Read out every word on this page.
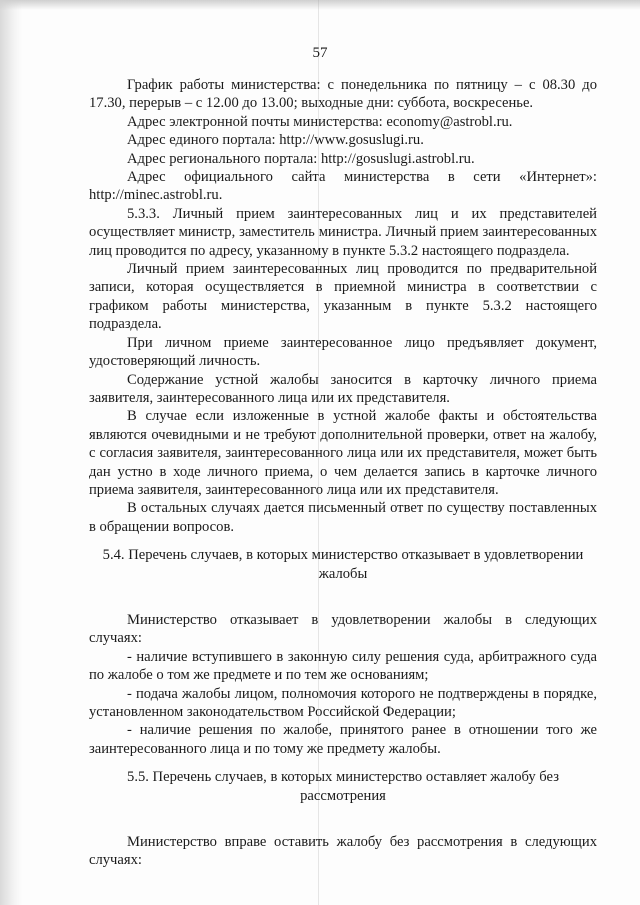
57

График работы министерства: с понедельника по пятницу – с 08.30 до 17.30, перерыв – с 12.00 до 13.00; выходные дни: суббота, воскресенье.

Адрес электронной почты министерства: economy@astrobl.ru.

Адрес единого портала: http://www.gosuslugi.ru.

Адрес регионального портала: http://gosuslugi.astrobl.ru.

Адрес официального сайта министерства в сети «Интернет»: http://minec.astrobl.ru.

5.3.3. Личный прием заинтересованных лиц и их представителей осуществляет министр, заместитель министра. Личный прием заинтересованных лиц проводится по адресу, указанному в пункте 5.3.2 настоящего подраздела.

Личный прием заинтересованных лиц проводится по предварительной записи, которая осуществляется в приемной министра в соответствии с графиком работы министерства, указанным в пункте 5.3.2 настоящего подраздела.

При личном приеме заинтересованное лицо предъявляет документ, удостоверяющий личность.

Содержание устной жалобы заносится в карточку личного приема заявителя, заинтересованного лица или их представителя.

В случае если изложенные в устной жалобе факты и обстоятельства являются очевидными и не требуют дополнительной проверки, ответ на жалобу, с согласия заявителя, заинтересованного лица или их представителя, может быть дан устно в ходе личного приема, о чем делается запись в карточке личного приема заявителя, заинтересованного лица или их представителя.

В остальных случаях дается письменный ответ по существу поставленных в обращении вопросов.

5.4. Перечень случаев, в которых министерство отказывает в удовлетворении
жалобы

Министерство отказывает в удовлетворении жалобы в следующих случаях:

- наличие вступившего в законную силу решения суда, арбитражного суда по жалобе о том же предмете и по тем же основаниям;

- подача жалобы лицом, полномочия которого не подтверждены в порядке, установленном законодательством Российской Федерации;

- наличие решения по жалобе, принятого ранее в отношении того же заинтересованного лица и по тому же предмету жалобы.

5.5. Перечень случаев, в которых министерство оставляет жалобу без
рассмотрения

Министерство вправе оставить жалобу без рассмотрения в следующих случаях:
